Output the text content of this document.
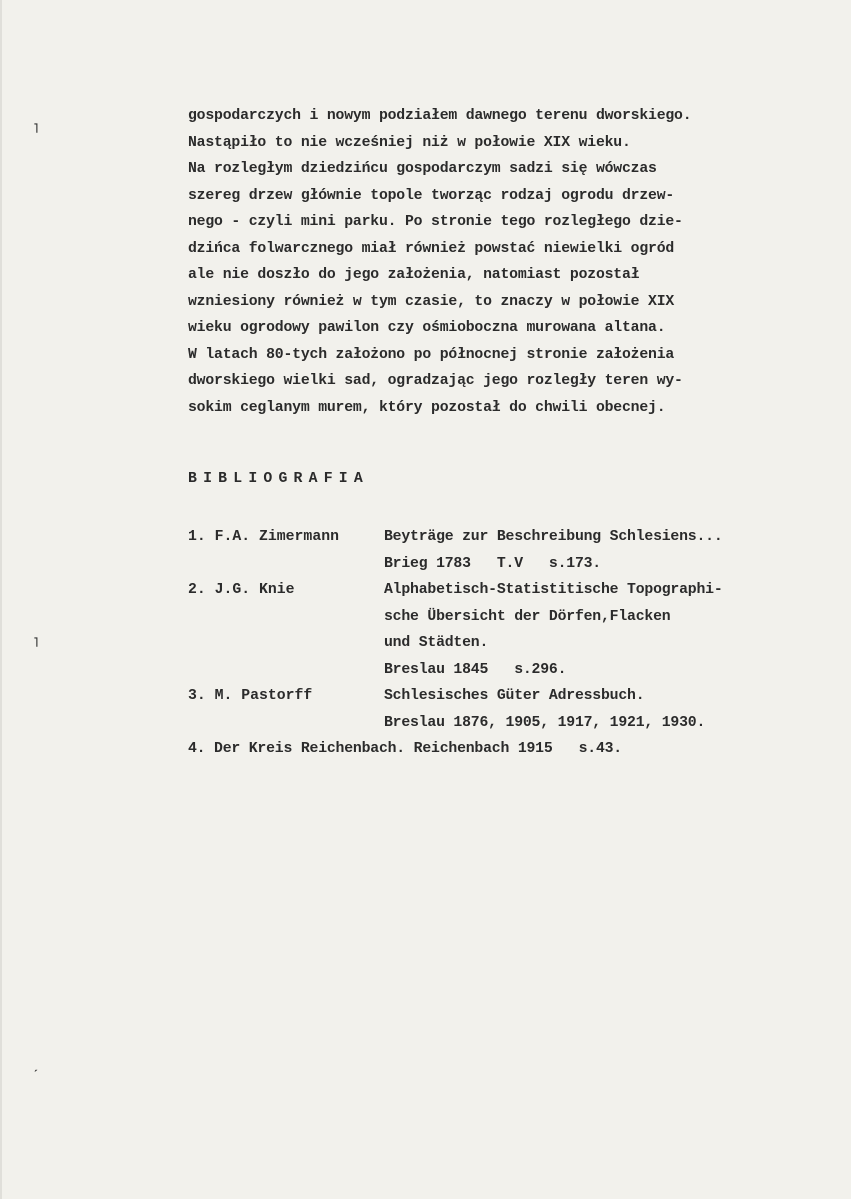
gospodarczych i nowym podziałem dawnego terenu dworskiego.
Nastąpiło to nie wcześniej niż w połowie XIX wieku.
Na rozległym dziedzińcu gospodarczym sadzi się wówczas
szereg drzew głównie topole tworząc rodzaj ogrodu drzew-
nego - czyli mini parku. Po stronie tego rozległego dzie-
dzińca folwarcznego miał również powstać niewielki ogród
ale nie doszło do jego założenia, natomiast pozostał
wzniesiony również w tym czasie, to znaczy w połowie XIX
wieku ogrodowy pawilon czy ośmioboczna murowana altana.
W latach 80-tych założono po północnej stronie założenia
dworskiego wielki sad, ogradzając jego rozległy teren wy-
sokim ceglanym murem, który pozostał do chwili obecnej.
BIBLIOGRAFIA
1. F.A. Zimermann	Beyträge zur Beschreibung Schlesiens...
Brieg 1783   T.V   s.173.
2. J.G. Knie	Alphabetisch-Statistitische Topographi-
sche Übersicht der Dörfen,Flacken
und Städten.
Breslau 1845   s.296.
3. M. Pastorff	Schlesisches Güter Adressbuch.
Breslau 1876, 1905, 1917, 1921, 1930.
4. Der Kreis Reichenbach. Reichenbach 1915   s.43.
˥
˥
ˏ
